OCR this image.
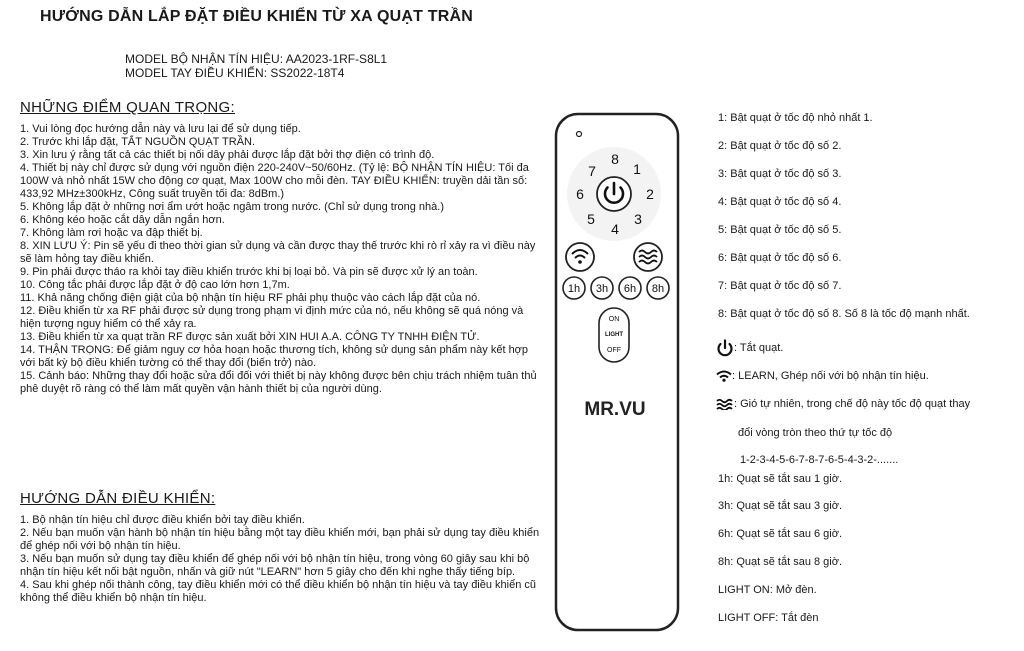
HƯỚNG DẪN LẮP ĐẶT ĐIỀU KHIỂN TỪ XA QUẠT TRẦN
MODEL BỘ NHẬN TÍN HIỆU: AA2023-1RF-S8L1
MODEL TAY ĐIỀU KHIỂN: SS2022-18T4
NHỮNG ĐIỂM QUAN TRỌNG:

1. Vui lòng đọc hướng dẫn này và lưu lại để sử dụng tiếp.

2. Trước khi lắp đặt, TẮT NGUỒN QUẠT TRẦN.

3. Xin lưu ý rằng tất cả các thiết bị nối dây phải được lắp đặt bởi thợ điện có trình độ.

4. Thiết bị này chỉ được sử dụng với nguồn điện 220-240V~50/60Hz. (Tỷ lệ: BỘ NHẬN TÍN HIỆU: Tối đa 100W và nhỏ nhất 15W cho động cơ quạt, Max 100W cho mỗi đèn. TAY ĐIỀU KHIỂN: truyền dải tần số: 433,92 MHz±300kHz, Công suất truyền tối đa: 8dBm.)

5. Không lắp đặt ở những nơi ẩm ướt hoặc ngâm trong nước. (Chỉ sử dụng trong nhà.)

6. Không kéo hoặc cắt dây dẫn ngắn hơn.

7. Không làm rơi hoặc va đập thiết bị.

8. XIN LƯU Ý: Pin sẽ yếu đi theo thời gian sử dụng và cần được thay thế trước khi rò rỉ xảy ra vì điều này sẽ làm hỏng tay điều khiển.

9. Pin phải được tháo ra khỏi tay điều khiển trước khi bị loại bỏ. Và pin sẽ được xử lý an toàn.

10. Công tắc phải được lắp đặt ở độ cao lớn hơn 1,7m.

11. Khả năng chống điện giật của bộ nhận tín hiệu RF phải phụ thuộc vào cách lắp đặt của nó.

12. Điều khiển từ xa RF phải được sử dụng trong phạm vi định mức của nó, nếu không sẽ quá nóng và hiện tượng nguy hiểm có thể xảy ra.

13. Điều khiển từ xa quạt trần RF được sản xuất bởi XIN HUI A.A. CÔNG TY TNHH ĐIỆN TỬ.

14. THẬN TRỌNG: Để giảm nguy cơ hỏa hoạn hoặc thương tích, không sử dụng sản phẩm này kết hợp với bất kỳ bộ điều khiển tường có thể thay đổi (biến trở) nào.

15. Cảnh báo: Những thay đổi hoặc sửa đổi đối với thiết bị này không được bên chịu trách nhiệm tuân thủ phê duyệt rõ ràng có thể làm mất quyền vận hành thiết bị của người dùng.

HƯỚNG DẪN ĐIỀU KHIỂN:

1. Bộ nhận tín hiệu chỉ được điều khiển bởi tay điều khiển.

2. Nếu bạn muốn vận hành bộ nhận tín hiệu bằng một tay điều khiển mới, bạn phải sử dụng tay điều khiển để ghép nối với bộ nhận tín hiệu.

3. Nếu bạn muốn sử dụng tay điều khiển để ghép nối với bộ nhận tín hiệu, trong vòng 60 giây sau khi bộ nhận tín hiệu kết nối bật nguồn, nhấn và giữ nút "LEARN" hơn 5 giây cho đến khi nghe thấy tiếng bíp.

4. Sau khi ghép nối thành công, tay điều khiển mới có thể điều khiển bộ nhận tín hiệu và tay điều khiển cũ không thể điều khiển bộ nhận tín hiệu.

8
1
7
2
6
3
5
4
1h 3h 6h 8h
ON
LIGHT
OFF
MR.VU
1: Bật quạt ở tốc độ nhỏ nhất 1.
2: Bật quạt ở tốc độ số 2.
3: Bật quạt ở tốc độ số 3.
4: Bật quạt ở tốc độ số 4.
5: Bật quạt ở tốc độ số 5.
6: Bật quạt ở tốc độ số 6.
7: Bật quạt ở tốc độ số 7.
8: Bật quạt ở tốc độ số 8. Số 8 là tốc độ mạnh nhất.
: Tắt quạt.
: LEARN, Ghép nối với bộ nhận tín hiệu.
: Gió tự nhiên, trong chế độ này tốc độ quạt thay
đổi vòng tròn theo thứ tự tốc độ
1-2-3-4-5-6-7-8-7-6-5-4-3-2-.......
1h: Quạt sẽ tắt sau 1 giờ.
3h: Quạt sẽ tắt sau 3 giờ.
6h: Quạt sẽ tắt sau 6 giờ.
8h: Quạt sẽ tắt sau 8 giờ.
LIGHT ON: Mở đèn.
LIGHT OFF: Tắt đèn
